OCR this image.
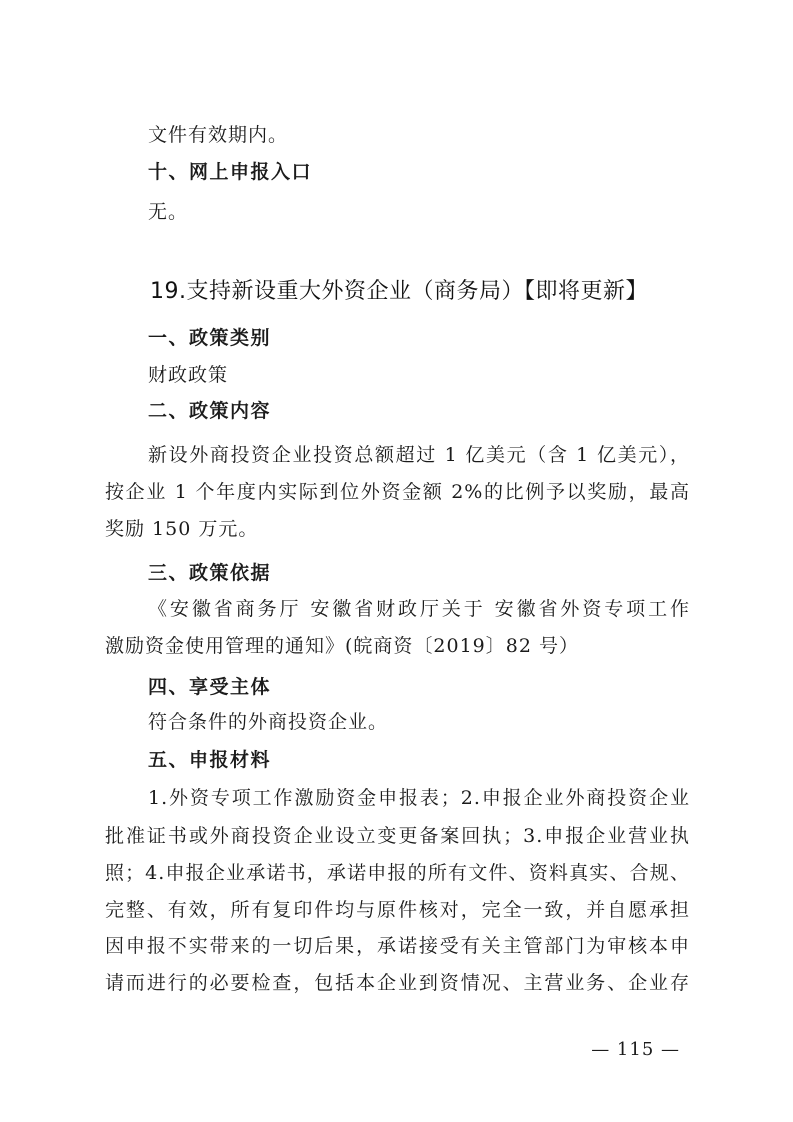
文件有效期内。
十、网上申报入口
无。
19.支持新设重大外资企业（商务局）【即将更新】
一、政策类别
财政政策
二、政策内容
新设外商投资企业投资总额超过 1 亿美元（含 1 亿美元），
按企业 1 个年度内实际到位外资金额 2%的比例予以奖励，最高
奖励 150 万元。
三、政策依据
《安徽省商务厅 安徽省财政厅关于 安徽省外资专项工作
激励资金使用管理的通知》(皖商资〔2019〕82 号）
四、享受主体
符合条件的外商投资企业。
五、申报材料
1.外资专项工作激励资金申报表；2.申报企业外商投资企业
批准证书或外商投资企业设立变更备案回执；3.申报企业营业执
照；4.申报企业承诺书，承诺申报的所有文件、资料真实、合规、
完整、有效，所有复印件均与原件核对，完全一致，并自愿承担
因申报不实带来的一切后果，承诺接受有关主管部门为审核本申
请而进行的必要检查，包括本企业到资情况、主营业务、企业存
— 115 —
